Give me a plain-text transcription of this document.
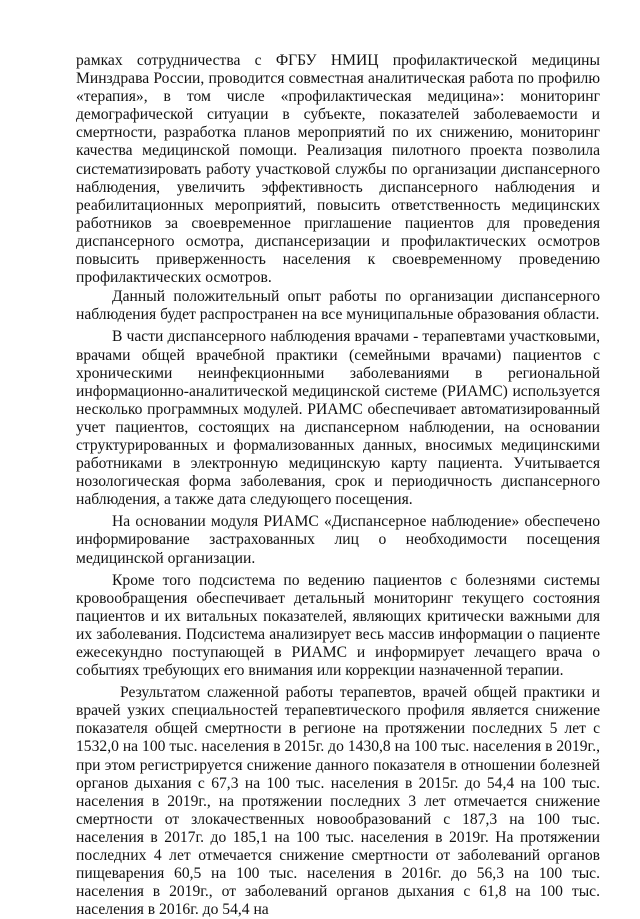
рамках сотрудничества с ФГБУ НМИЦ профилактической медицины Минздрава России, проводится совместная аналитическая работа по профилю «терапия», в том числе «профилактическая медицина»: мониторинг демографической ситуации в субъекте, показателей заболеваемости и смертности, разработка планов мероприятий по их снижению, мониторинг качества медицинской помощи. Реализация пилотного проекта позволила систематизировать работу участковой службы по организации диспансерного наблюдения, увеличить эффективность диспансерного наблюдения и реабилитационных мероприятий, повысить ответственность медицинских работников за своевременное приглашение пациентов для проведения диспансерного осмотра, диспансеризации и профилактических осмотров повысить приверженность населения к своевременному проведению профилактических осмотров.

Данный положительный опыт работы по организации диспансерного наблюдения будет распространен на все муниципальные образования области.

В части диспансерного наблюдения врачами - терапевтами участковыми, врачами общей врачебной практики (семейными врачами) пациентов с хроническими неинфекционными заболеваниями в региональной информационно-аналитической медицинской системе (РИАМС) используется несколько программных модулей. РИАМС обеспечивает автоматизированный учет пациентов, состоящих на диспансерном наблюдении, на основании структурированных и формализованных данных, вносимых медицинскими работниками в электронную медицинскую карту пациента. Учитывается нозологическая форма заболевания, срок и периодичность диспансерного наблюдения, а также дата следующего посещения.

На основании модуля РИАМС «Диспансерное наблюдение» обеспечено информирование застрахованных лиц о необходимости посещения медицинской организации.

Кроме того подсистема по ведению пациентов с болезнями системы кровообращения обеспечивает детальный мониторинг текущего состояния пациентов и их витальных показателей, являющих критически важными для их заболевания. Подсистема анализирует весь массив информации о пациенте ежесекундно поступающей в РИАМС и информирует лечащего врача о событиях требующих его внимания или коррекции назначенной терапии.

Результатом слаженной работы терапевтов, врачей общей практики и врачей узких специальностей терапевтического профиля является снижение показателя общей смертности в регионе на протяжении последних 5 лет с 1532,0 на 100 тыс. населения в 2015г. до 1430,8 на 100 тыс. населения в 2019г., при этом регистрируется снижение данного показателя в отношении болезней органов дыхания с 67,3 на 100 тыс. населения в 2015г. до 54,4 на 100 тыс. населения в 2019г., на протяжении последних 3 лет отмечается снижение смертности от злокачественных новообразований с 187,3 на 100 тыс. населения в 2017г. до 185,1 на 100 тыс. населения в 2019г. На протяжении последних 4 лет отмечается снижение смертности от заболеваний органов пищеварения 60,5 на 100 тыс. населения в 2016г. до 56,3 на 100 тыс. населения в 2019г., от заболеваний органов дыхания с 61,8 на 100 тыс. населения в 2016г. до 54,4 на
